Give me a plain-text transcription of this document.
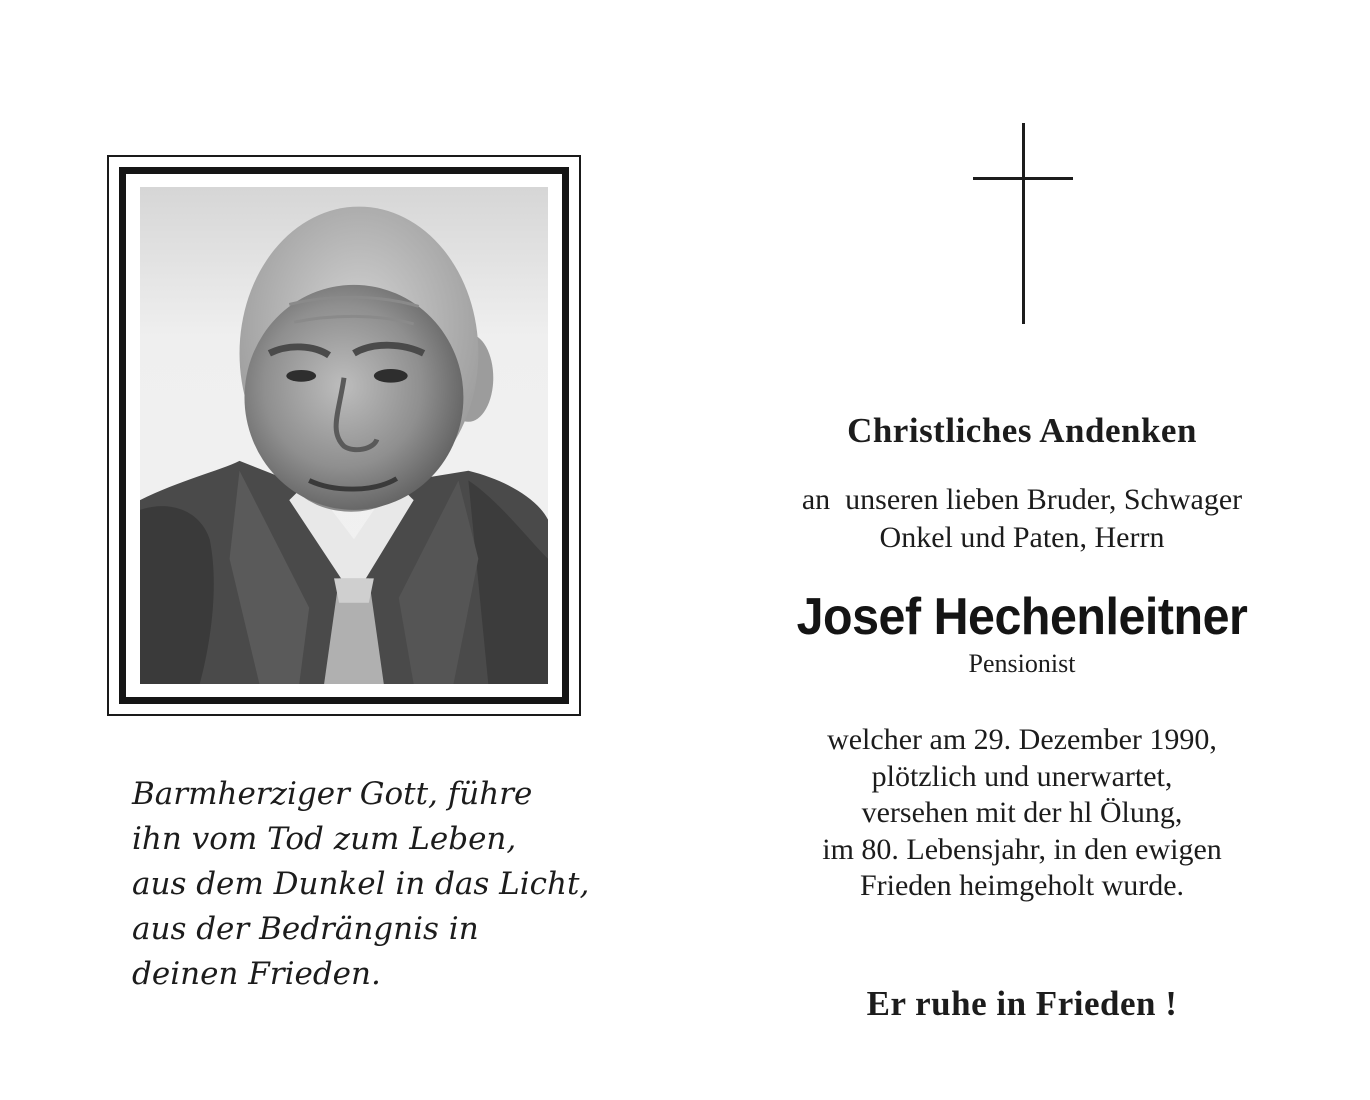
Barmherziger Gott, führe
ihn vom Tod zum Leben,
aus dem Dunkel in das Licht,
aus der Bedrängnis in
deinen Frieden.
Christliches Andenken
an  unseren lieben Bruder, Schwager
Onkel und Paten, Herrn
Josef Hechenleitner
Pensionist
welcher am 29. Dezember 1990,
plötzlich und unerwartet,
versehen mit der hl Ölung,
im 80. Lebensjahr, in den ewigen
Frieden heimgeholt wurde.
Er ruhe in Frieden !
